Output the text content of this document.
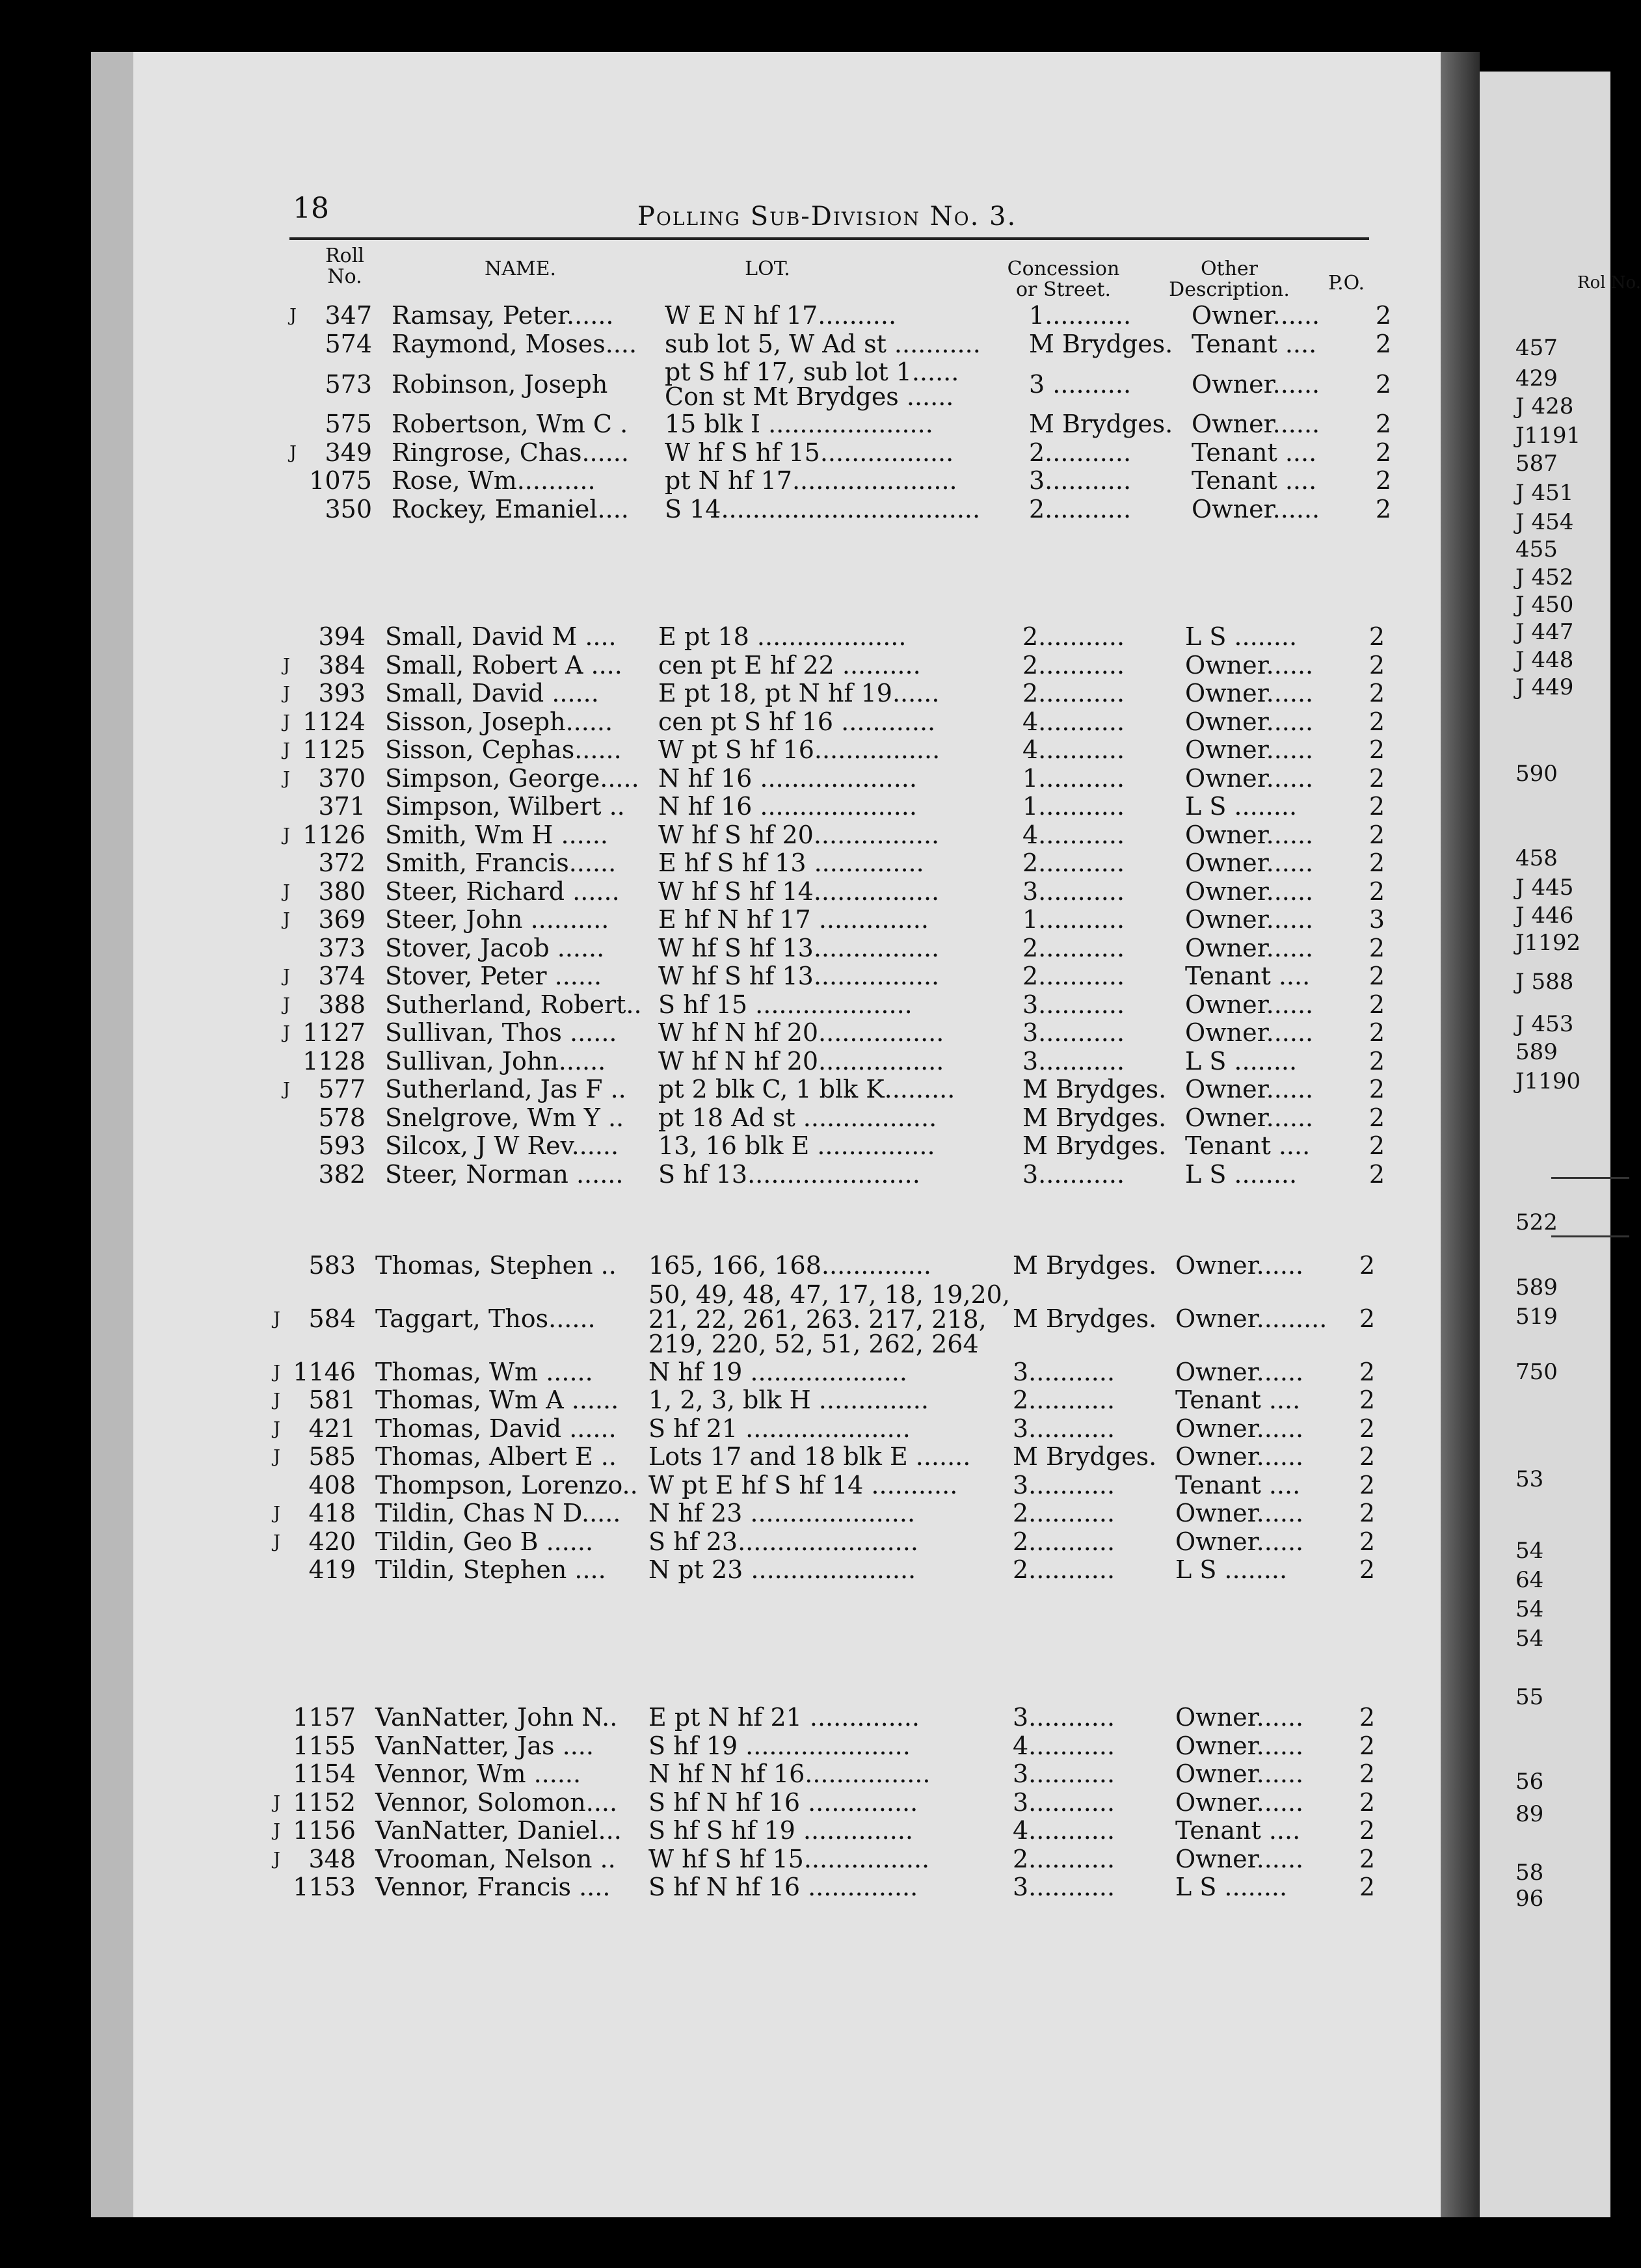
Rol No.
457
429
J 428
J1191
587
J 451
J 454
455
J 452
J 450
J 447
J 448
J 449
590
458
J 445
J 446
J1192
J 588
J 453
589
J1190
522
589
519
750
53
54
64
54
54
55
56
89
58
96
18	Polling Sub-Division No. 3.
Roll No.	NAME.	LOT.	Concession or Street.
Other Description.	P.O.
J	347	Ramsay, Peter......	W E N hf 17..........	1...........	Owner......	2
	574	Raymond, Moses....	sub lot 5, W Ad st ...........	M Brydges.	Tenant ....	2
	573	Robinson, Joseph	pt S hf 17, sub lot 1......
Con st Mt Brydges ......	3 ..........	Owner......	2
	575	Robertson, Wm C .	15 blk I .....................	M Brydges.	Owner......	2
J	349	Ringrose, Chas......	W hf S hf 15.................	2...........	Tenant ....	2
	1075	Rose, Wm..........	pt N hf 17.....................	3...........	Tenant ....	2
	350	Rockey, Emaniel....	S 14.................................	2...........	Owner......	2
	394	Small, David M ....	E pt 18 ...................	2...........	L S ........	2
J	384	Small, Robert A ....	cen pt E hf 22 ..........	2...........	Owner......	2
J	393	Small, David ......	E pt 18, pt N hf 19......	2...........	Owner......	2
J	1124	Sisson, Joseph......	cen pt S hf 16 ............	4...........	Owner......	2
J	1125	Sisson, Cephas......	W pt S hf 16................	4...........	Owner......	2
J	370	Simpson, George.....	N hf 16 ....................	1...........	Owner......	2
	371	Simpson, Wilbert ..	N hf 16 ....................	1...........	L S ........	2
J	1126	Smith, Wm H ......	W hf S hf 20................	4...........	Owner......	2
	372	Smith, Francis......	E hf S hf 13 ..............	2...........	Owner......	2
J	380	Steer, Richard ......	W hf S hf 14................	3...........	Owner......	2
J	369	Steer, John ..........	E hf N hf 17 ..............	1...........	Owner......	3
	373	Stover, Jacob ......	W hf S hf 13................	2...........	Owner......	2
J	374	Stover, Peter ......	W hf S hf 13................	2...........	Tenant ....	2
J	388	Sutherland, Robert..	S hf 15 ....................	3...........	Owner......	2
J	1127	Sullivan, Thos ......	W hf N hf 20................	3...........	Owner......	2
	1128	Sullivan, John......	W hf N hf 20................	3...........	L S ........	2
J	577	Sutherland, Jas F ..	pt 2 blk C, 1 blk K.........	M Brydges.	Owner......	2
	578	Snelgrove, Wm Y ..	pt 18 Ad st .................	M Brydges.	Owner......	2
	593	Silcox, J W Rev......	13, 16 blk E ...............	M Brydges.	Tenant ....	2
	382	Steer, Norman ......	S hf 13......................	3...........	L S ........	2
	583	Thomas, Stephen ..	165, 166, 168..............	M Brydges.	Owner......	2
J	584	Taggart, Thos......	50, 49, 48, 47, 17, 18, 19,20,
21, 22, 261, 263. 217, 218,
219, 220, 52, 51, 262, 264	M Brydges.	Owner.........	2
J	1146	Thomas, Wm ......	N hf 19 ....................	3...........	Owner......	2
J	581	Thomas, Wm A ......	1, 2, 3, blk H ..............	2...........	Tenant ....	2
J	421	Thomas, David ......	S hf 21 .....................	3...........	Owner......	2
J	585	Thomas, Albert E ..	Lots 17 and 18 blk E .......	M Brydges.	Owner......	2
	408	Thompson, Lorenzo..	W pt E hf S hf 14 ...........	3...........	Tenant ....	2
J	418	Tildin, Chas N D.....	N hf 23 .....................	2...........	Owner......	2
J	420	Tildin, Geo B ......	S hf 23.......................	2...........	Owner......	2
	419	Tildin, Stephen ....	N pt 23 .....................	2...........	L S ........	2
	1157	VanNatter, John N..	E pt N hf 21 ..............	3...........	Owner......	2
	1155	VanNatter, Jas ....	S hf 19 .....................	4...........	Owner......	2
	1154	Vennor, Wm ......	N hf N hf 16................	3...........	Owner......	2
J	1152	Vennor, Solomon....	S hf N hf 16 ..............	3...........	Owner......	2
J	1156	VanNatter, Daniel...	S hf S hf 19 ..............	4...........	Tenant ....	2
J	348	Vrooman, Nelson ..	W hf S hf 15................	2...........	Owner......	2
	1153	Vennor, Francis ....	S hf N hf 16 ..............	3...........	L S ........	2
